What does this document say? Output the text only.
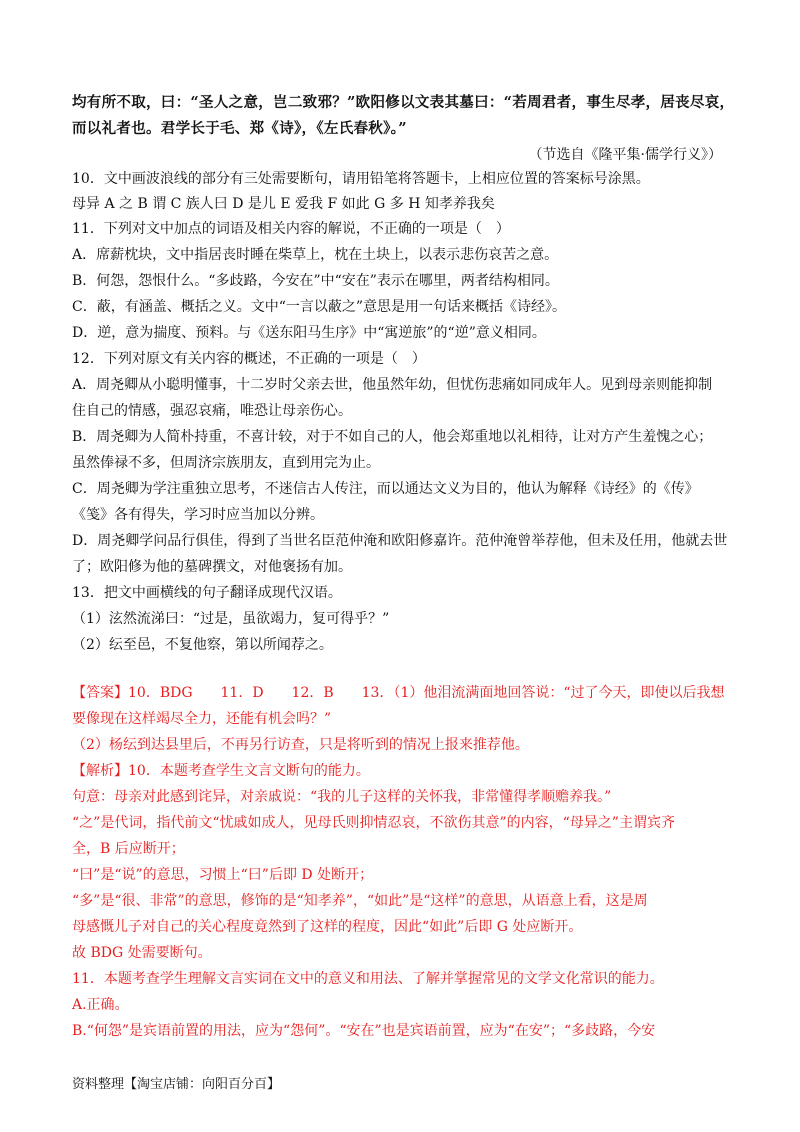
均有所不取，曰：“圣人之意，岂二致邪？”欧阳修以文表其墓曰：“若周君者，事生尽孝，居丧尽哀，
而以礼者也。君学长于毛、郑《诗》，《左氏春秋》。”
（节选自《隆平集·儒学行义》）
10．文中画波浪线的部分有三处需要断句，请用铅笔将答题卡，上相应位置的答案标号涂黑。
母异 A 之 B 谓 C 族人曰 D 是儿 E 爱我 F 如此 G 多 H 知孝养我矣
11．下列对文中加点的词语及相关内容的解说，不正确的一项是（　）
A．席薪枕块，文中指居丧时睡在柴草上，枕在土块上，以表示悲伤哀苦之意。
B．何怨，怨恨什么。“多歧路，今安在”中“安在”表示在哪里，两者结构相同。
C．蔽，有涵盖、概括之义。文中“一言以蔽之”意思是用一句话来概括《诗经》。
D．逆，意为揣度、预料。与《送东阳马生序》中“寓逆旅”的“逆”意义相同。
12．下列对原文有关内容的概述，不正确的一项是（　）
A．周尧卿从小聪明懂事，十二岁时父亲去世，他虽然年幼，但忧伤悲痛如同成年人。见到母亲则能抑制
住自己的情感，强忍哀痛，唯恐让母亲伤心。
B．周尧卿为人简朴持重，不喜计较，对于不如自己的人，他会郑重地以礼相待，让对方产生羞愧之心；
虽然俸禄不多，但周济宗族朋友，直到用完为止。
C．周尧卿为学注重独立思考，不迷信古人传注，而以通达文义为目的，他认为解释《诗经》的《传》
《笺》各有得失，学习时应当加以分辨。
D．周尧卿学问品行俱佳，得到了当世名臣范仲淹和欧阳修嘉许。范仲淹曾举荐他，但未及任用，他就去世
了；欧阳修为他的墓碑撰文，对他褒扬有加。
13．把文中画横线的句子翻译成现代汉语。
（1）泫然流涕曰：“过是，虽欲竭力，复可得乎？”
（2）纭至邑，不复他察，第以所闻荐之。
【答案】10．BDG　　11．D　　12．B　　13．（1）他泪流满面地回答说：“过了今天，即使以后我想
要像现在这样竭尽全力，还能有机会吗？”
（2）杨纭到达县里后，不再另行访查，只是将听到的情况上报来推荐他。
【解析】10．本题考查学生文言文断句的能力。
句意：母亲对此感到诧异，对亲戚说：“我的儿子这样的关怀我，非常懂得孝顺赡养我。”
“之”是代词，指代前文“忧戚如成人，见母氏则抑情忍哀，不欲伤其意”的内容，“母异之”主谓宾齐
全，B 后应断开；
“曰”是“说”的意思，习惯上“曰”后即 D 处断开；
“多”是“很、非常”的意思，修饰的是“知孝养”，“如此”是“这样”的意思，从语意上看，这是周
母感慨儿子对自己的关心程度竟然到了这样的程度，因此“如此”后即 G 处应断开。
故 BDG 处需要断句。
11．本题考查学生理解文言实词在文中的意义和用法、了解并掌握常见的文学文化常识的能力。
A.正确。
B.“何怨”是宾语前置的用法，应为“怨何”。“安在”也是宾语前置，应为“在安”；“多歧路，今安
资料整理【淘宝店铺：向阳百分百】
